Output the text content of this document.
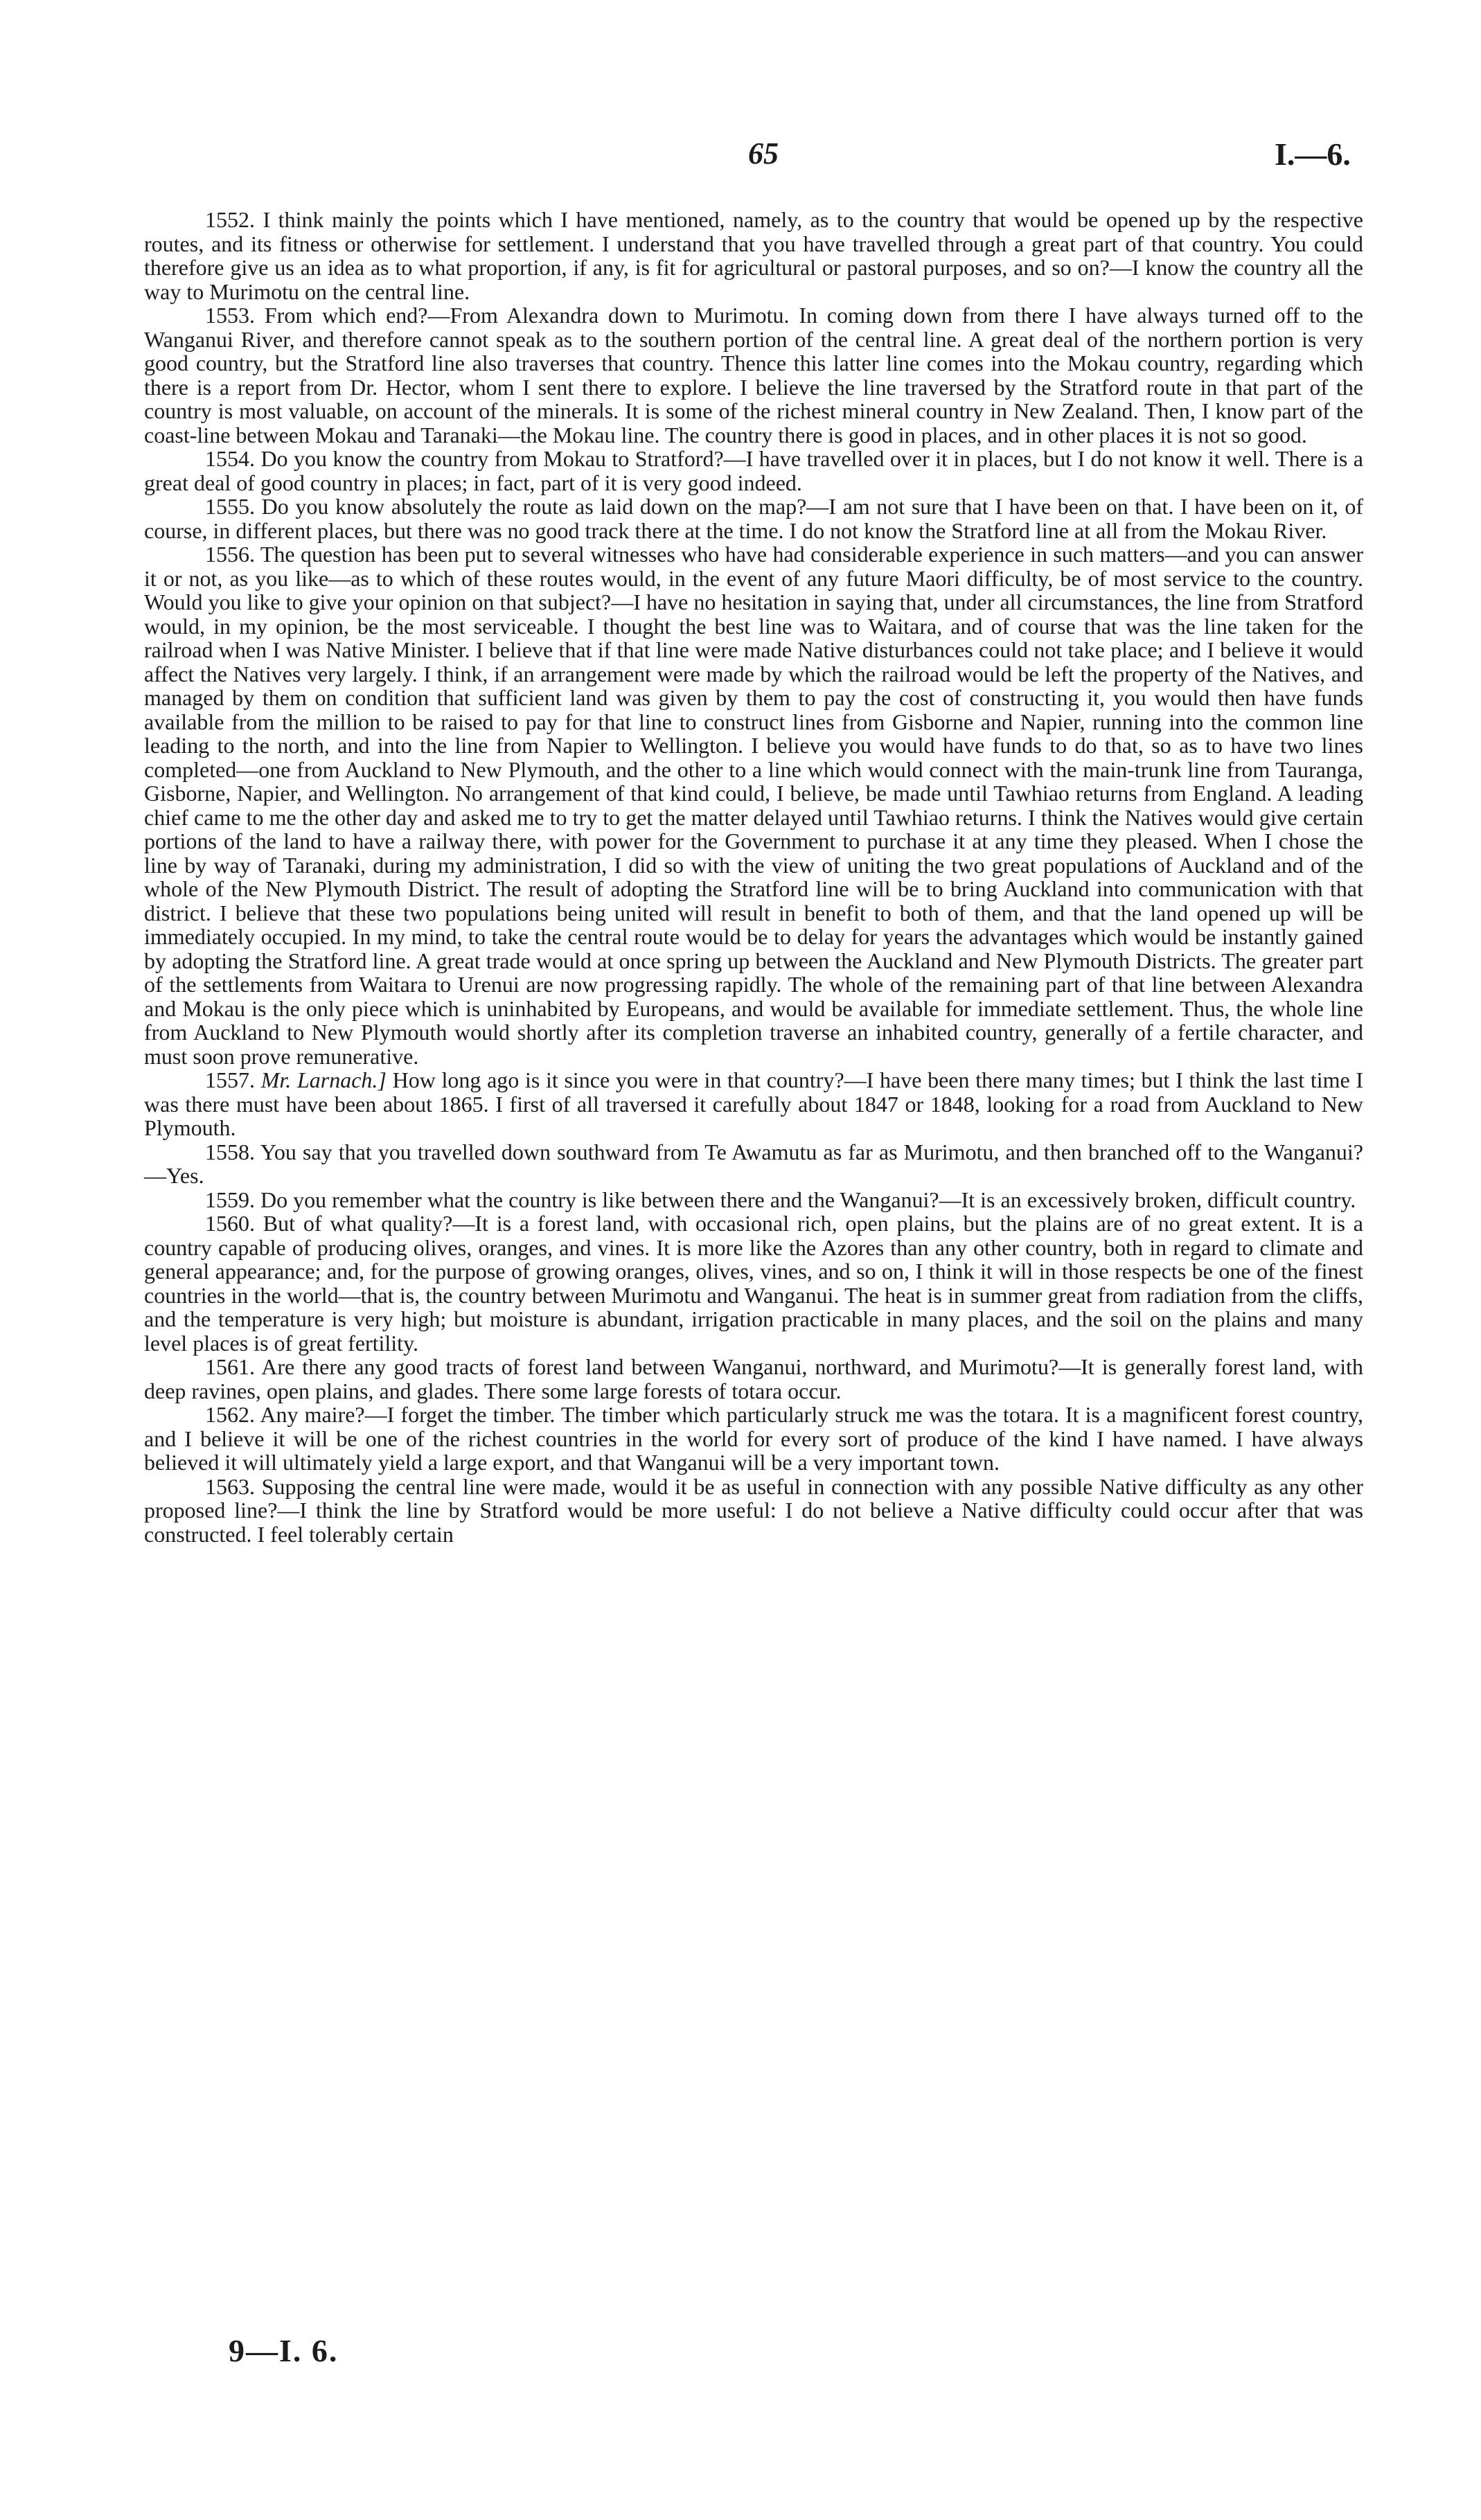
65	I.—6.

1552. I think mainly the points which I have mentioned, namely, as to the country that would be opened up by the respective routes, and its fitness or otherwise for settlement. I understand that you have travelled through a great part of that country. You could therefore give us an idea as to what proportion, if any, is fit for agricultural or pastoral purposes, and so on?—I know the country all the way to Murimotu on the central line.

1553. From which end?—From Alexandra down to Murimotu. In coming down from there I have always turned off to the Wanganui River, and therefore cannot speak as to the southern portion of the central line. A great deal of the northern portion is very good country, but the Stratford line also traverses that country. Thence this latter line comes into the Mokau country, regarding which there is a report from Dr. Hector, whom I sent there to explore. I believe the line traversed by the Stratford route in that part of the country is most valuable, on account of the minerals. It is some of the richest mineral country in New Zealand. Then, I know part of the coast-line between Mokau and Taranaki—the Mokau line. The country there is good in places, and in other places it is not so good.

1554. Do you know the country from Mokau to Stratford?—I have travelled over it in places, but I do not know it well. There is a great deal of good country in places; in fact, part of it is very good indeed.

1555. Do you know absolutely the route as laid down on the map?—I am not sure that I have been on that. I have been on it, of course, in different places, but there was no good track there at the time. I do not know the Stratford line at all from the Mokau River.

1556. The question has been put to several witnesses who have had considerable experience in such matters—and you can answer it or not, as you like—as to which of these routes would, in the event of any future Maori difficulty, be of most service to the country. Would you like to give your opinion on that subject?—I have no hesitation in saying that, under all circumstances, the line from Stratford would, in my opinion, be the most serviceable. I thought the best line was to Waitara, and of course that was the line taken for the railroad when I was Native Minister. I believe that if that line were made Native disturbances could not take place; and I believe it would affect the Natives very largely. I think, if an arrangement were made by which the railroad would be left the property of the Natives, and managed by them on condition that sufficient land was given by them to pay the cost of constructing it, you would then have funds available from the million to be raised to pay for that line to construct lines from Gisborne and Napier, running into the common line leading to the north, and into the line from Napier to Wellington. I believe you would have funds to do that, so as to have two lines completed—one from Auckland to New Plymouth, and the other to a line which would connect with the main-trunk line from Tauranga, Gisborne, Napier, and Wellington. No arrangement of that kind could, I believe, be made until Tawhiao returns from England. A leading chief came to me the other day and asked me to try to get the matter delayed until Tawhiao returns. I think the Natives would give certain portions of the land to have a railway there, with power for the Government to purchase it at any time they pleased. When I chose the line by way of Taranaki, during my administration, I did so with the view of uniting the two great populations of Auckland and of the whole of the New Plymouth District. The result of adopting the Stratford line will be to bring Auckland into communication with that district. I believe that these two populations being united will result in benefit to both of them, and that the land opened up will be immediately occupied. In my mind, to take the central route would be to delay for years the advantages which would be instantly gained by adopting the Stratford line. A great trade would at once spring up between the Auckland and New Plymouth Districts. The greater part of the settlements from Waitara to Urenui are now progressing rapidly. The whole of the remaining part of that line between Alexandra and Mokau is the only piece which is uninhabited by Europeans, and would be available for immediate settlement. Thus, the whole line from Auckland to New Plymouth would shortly after its completion traverse an inhabited country, generally of a fertile character, and must soon prove remunerative.

1557. Mr. Larnach.] How long ago is it since you were in that country?—I have been there many times; but I think the last time I was there must have been about 1865. I first of all traversed it carefully about 1847 or 1848, looking for a road from Auckland to New Plymouth.

1558. You say that you travelled down southward from Te Awamutu as far as Murimotu, and then branched off to the Wanganui?—Yes.

1559. Do you remember what the country is like between there and the Wanganui?—It is an excessively broken, difficult country.

1560. But of what quality?—It is a forest land, with occasional rich, open plains, but the plains are of no great extent. It is a country capable of producing olives, oranges, and vines. It is more like the Azores than any other country, both in regard to climate and general appearance; and, for the purpose of growing oranges, olives, vines, and so on, I think it will in those respects be one of the finest countries in the world—that is, the country between Murimotu and Wanganui. The heat is in summer great from radiation from the cliffs, and the temperature is very high; but moisture is abundant, irrigation practicable in many places, and the soil on the plains and many level places is of great fertility.

1561. Are there any good tracts of forest land between Wanganui, northward, and Murimotu?—It is generally forest land, with deep ravines, open plains, and glades. There some large forests of totara occur.

1562. Any maire?—I forget the timber. The timber which particularly struck me was the totara. It is a magnificent forest country, and I believe it will be one of the richest countries in the world for every sort of produce of the kind I have named. I have always believed it will ultimately yield a large export, and that Wanganui will be a very important town.

1563. Supposing the central line were made, would it be as useful in connection with any possible Native difficulty as any other proposed line?—I think the line by Stratford would be more useful: I do not believe a Native difficulty could occur after that was constructed. I feel tolerably certain

9—I. 6.
